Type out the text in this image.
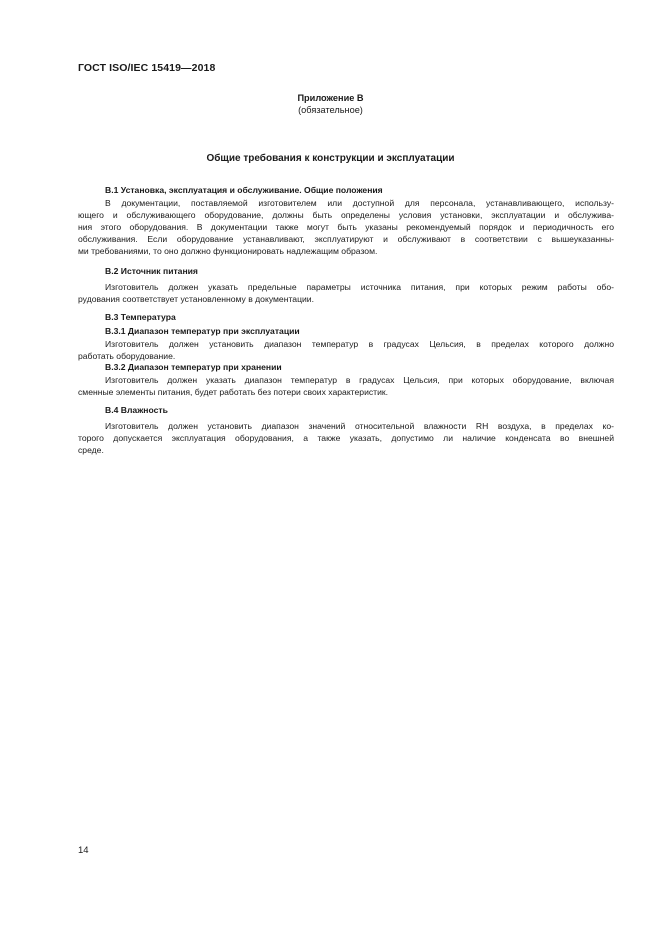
ГОСТ ISO/IEC 15419—2018
Приложение В
(обязательное)
Общие требования к конструкции и эксплуатации
В.1 Установка, эксплуатация и обслуживание. Общие положения
В документации, поставляемой изготовителем или доступной для персонала, устанавливающего, использу-
ющего и обслуживающего оборудование, должны быть определены условия установки, эксплуатации и обслужива-
ния этого оборудования. В документации также могут быть указаны рекомендуемый порядок и периодичность его
обслуживания. Если оборудование устанавливают, эксплуатируют и обслуживают в соответствии с вышеуказанны-
ми требованиями, то оно должно функционировать надлежащим образом.
В.2 Источник питания
Изготовитель должен указать предельные параметры источника питания, при которых режим работы обо-
рудования соответствует установленному в документации.
В.3 Температура
В.3.1 Диапазон температур при эксплуатации
Изготовитель должен установить диапазон температур в градусах Цельсия, в пределах которого должно
работать оборудование.
В.3.2 Диапазон температур при хранении
Изготовитель должен указать диапазон температур в градусах Цельсия, при которых оборудование, включая
сменные элементы питания, будет работать без потери своих характеристик.
В.4 Влажность
Изготовитель должен установить диапазон значений относительной влажности RH воздуха, в пределах ко-
торого допускается эксплуатация оборудования, а также указать, допустимо ли наличие конденсата во внешней
среде.
14
